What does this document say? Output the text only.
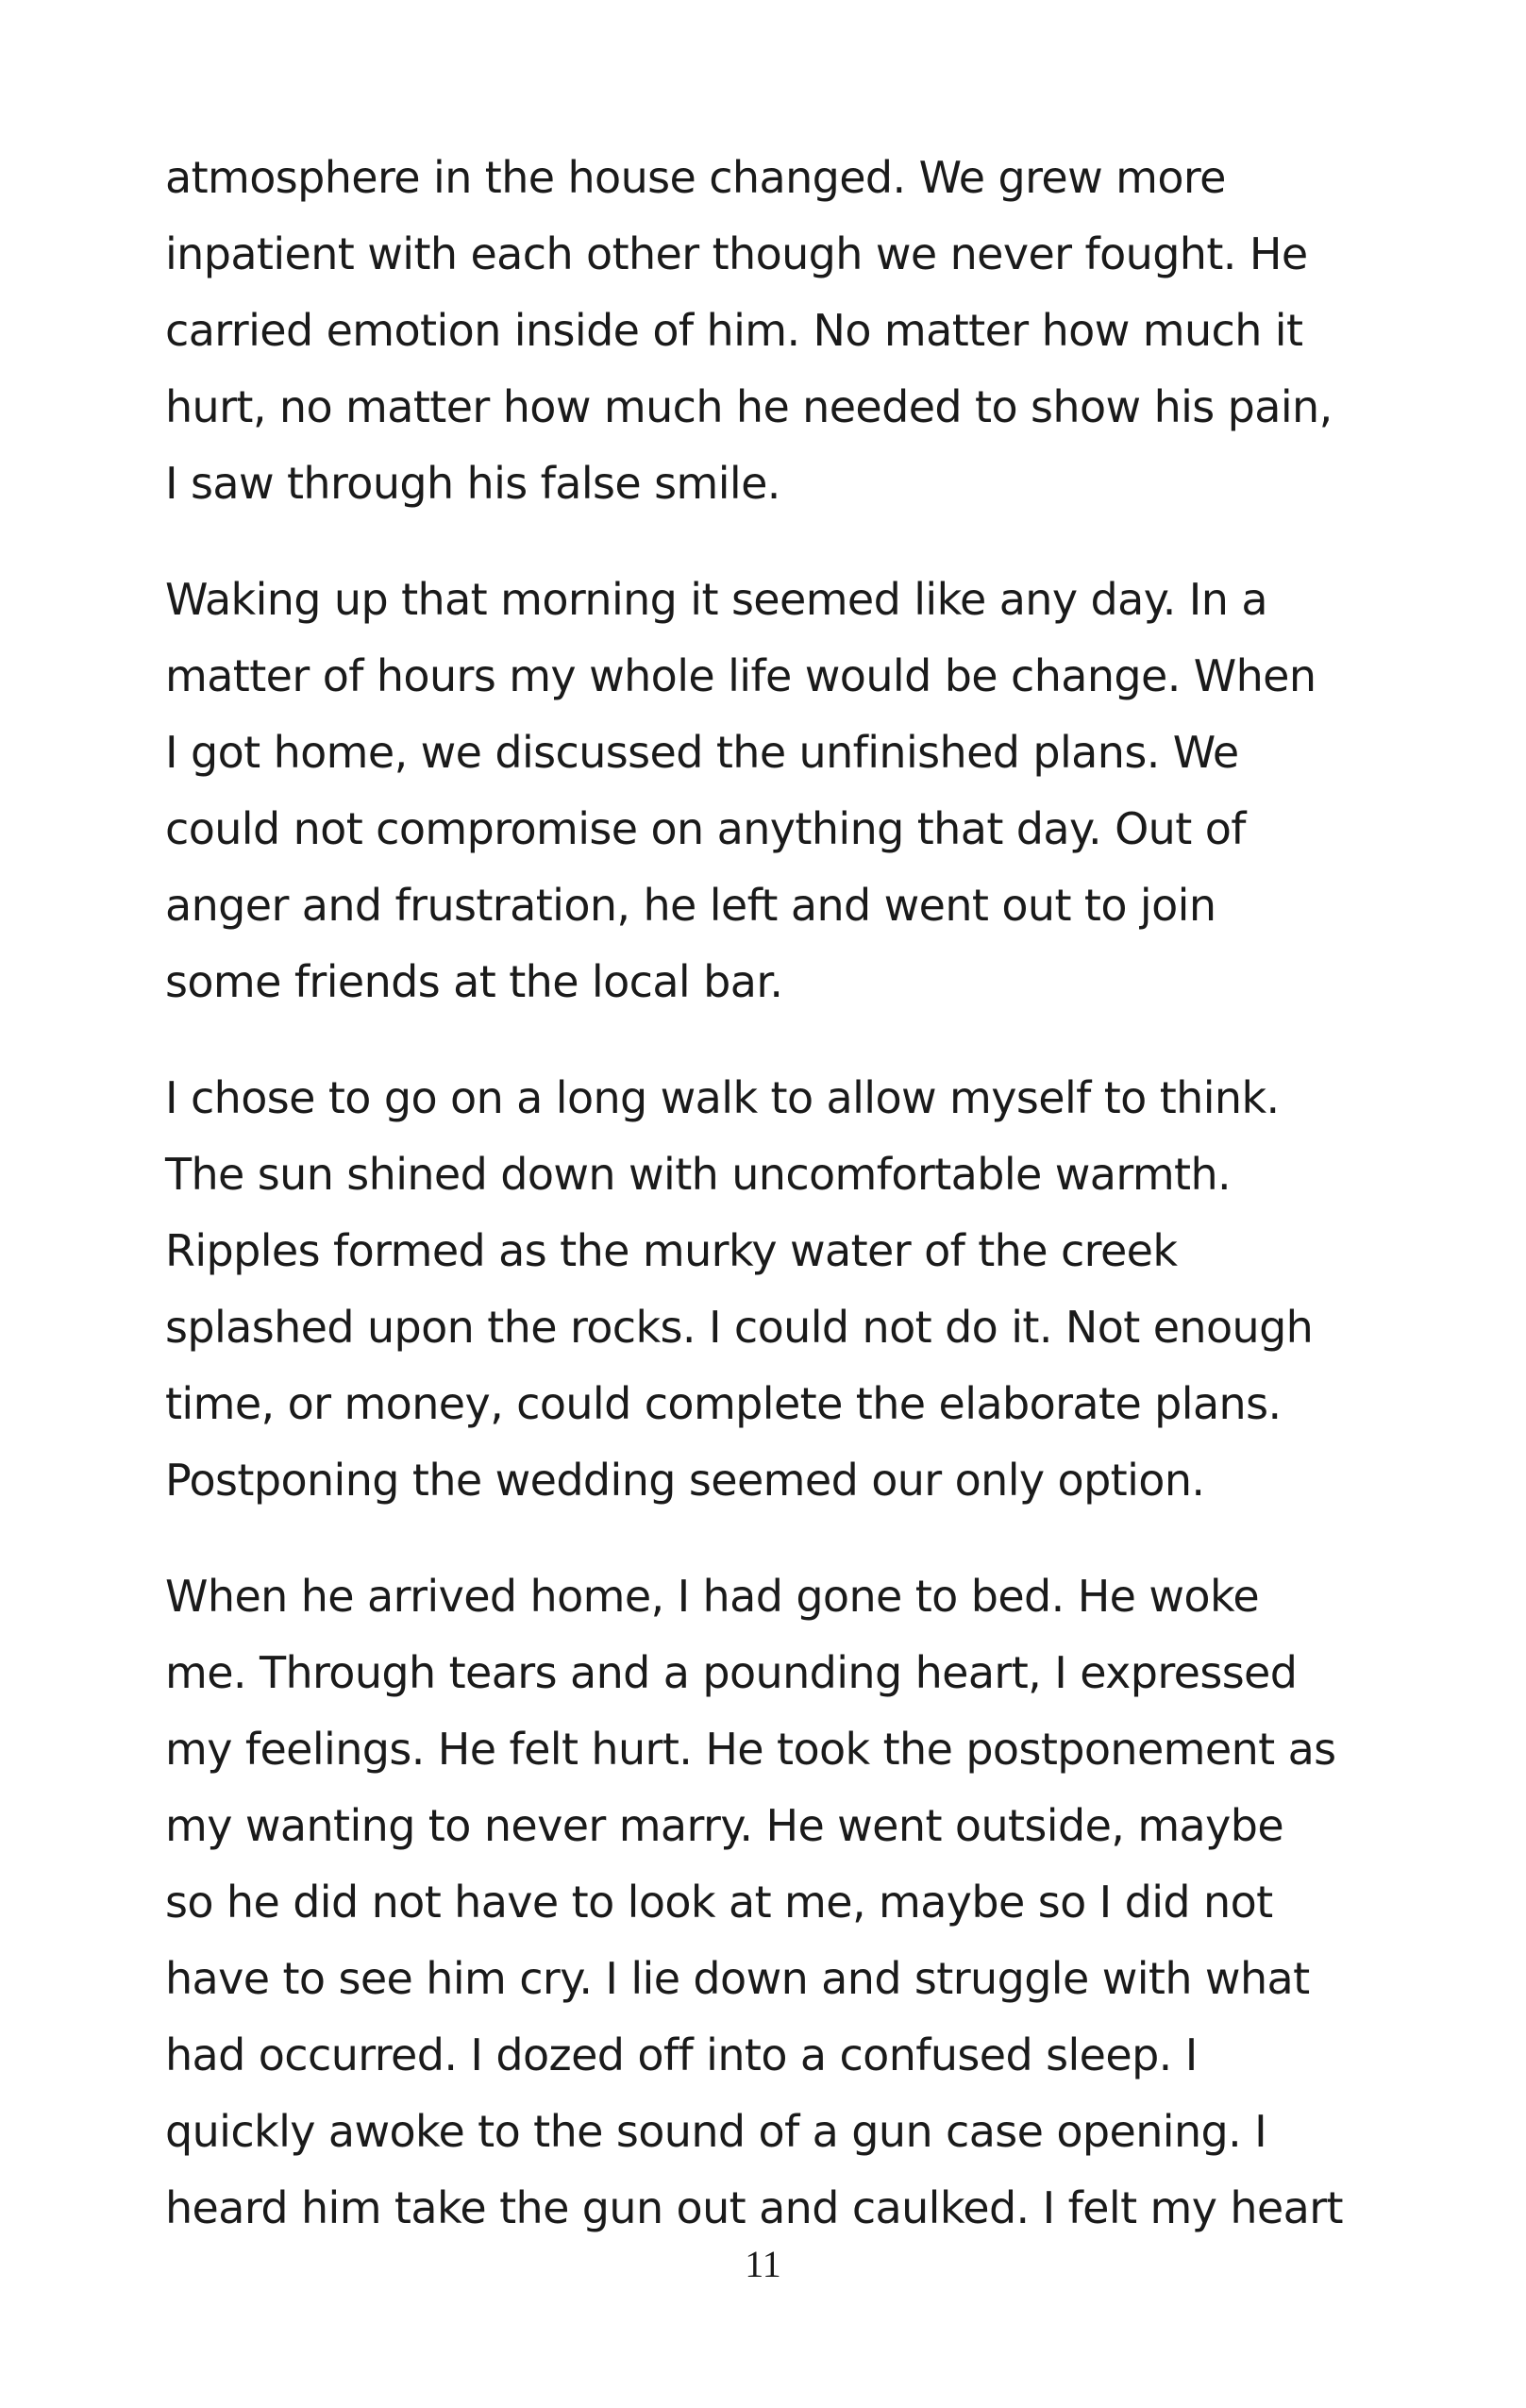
atmosphere in the house changed. We grew more
inpatient with each other though we never fought. He
carried emotion inside of him. No matter how much it
hurt, no matter how much he needed to show his pain,
I saw through his false smile.
Waking up that morning it seemed like any day. In a
matter of hours my whole life would be change. When
I got home, we discussed the unfinished plans. We
could not compromise on anything that day. Out of
anger and frustration, he left and went out to join
some friends at the local bar.
I chose to go on a long walk to allow myself to think.
The sun shined down with uncomfortable warmth.
Ripples formed as the murky water of the creek
splashed upon the rocks. I could not do it. Not enough
time, or money, could complete the elaborate plans.
Postponing the wedding seemed our only option.
When he arrived home, I had gone to bed. He woke
me. Through tears and a pounding heart, I expressed
my feelings. He felt hurt. He took the postponement as
my wanting to never marry. He went outside, maybe
so he did not have to look at me, maybe so I did not
have to see him cry. I lie down and struggle with what
had occurred. I dozed off into a confused sleep. I
quickly awoke to the sound of a gun case opening. I
heard him take the gun out and caulked. I felt my heart
11
